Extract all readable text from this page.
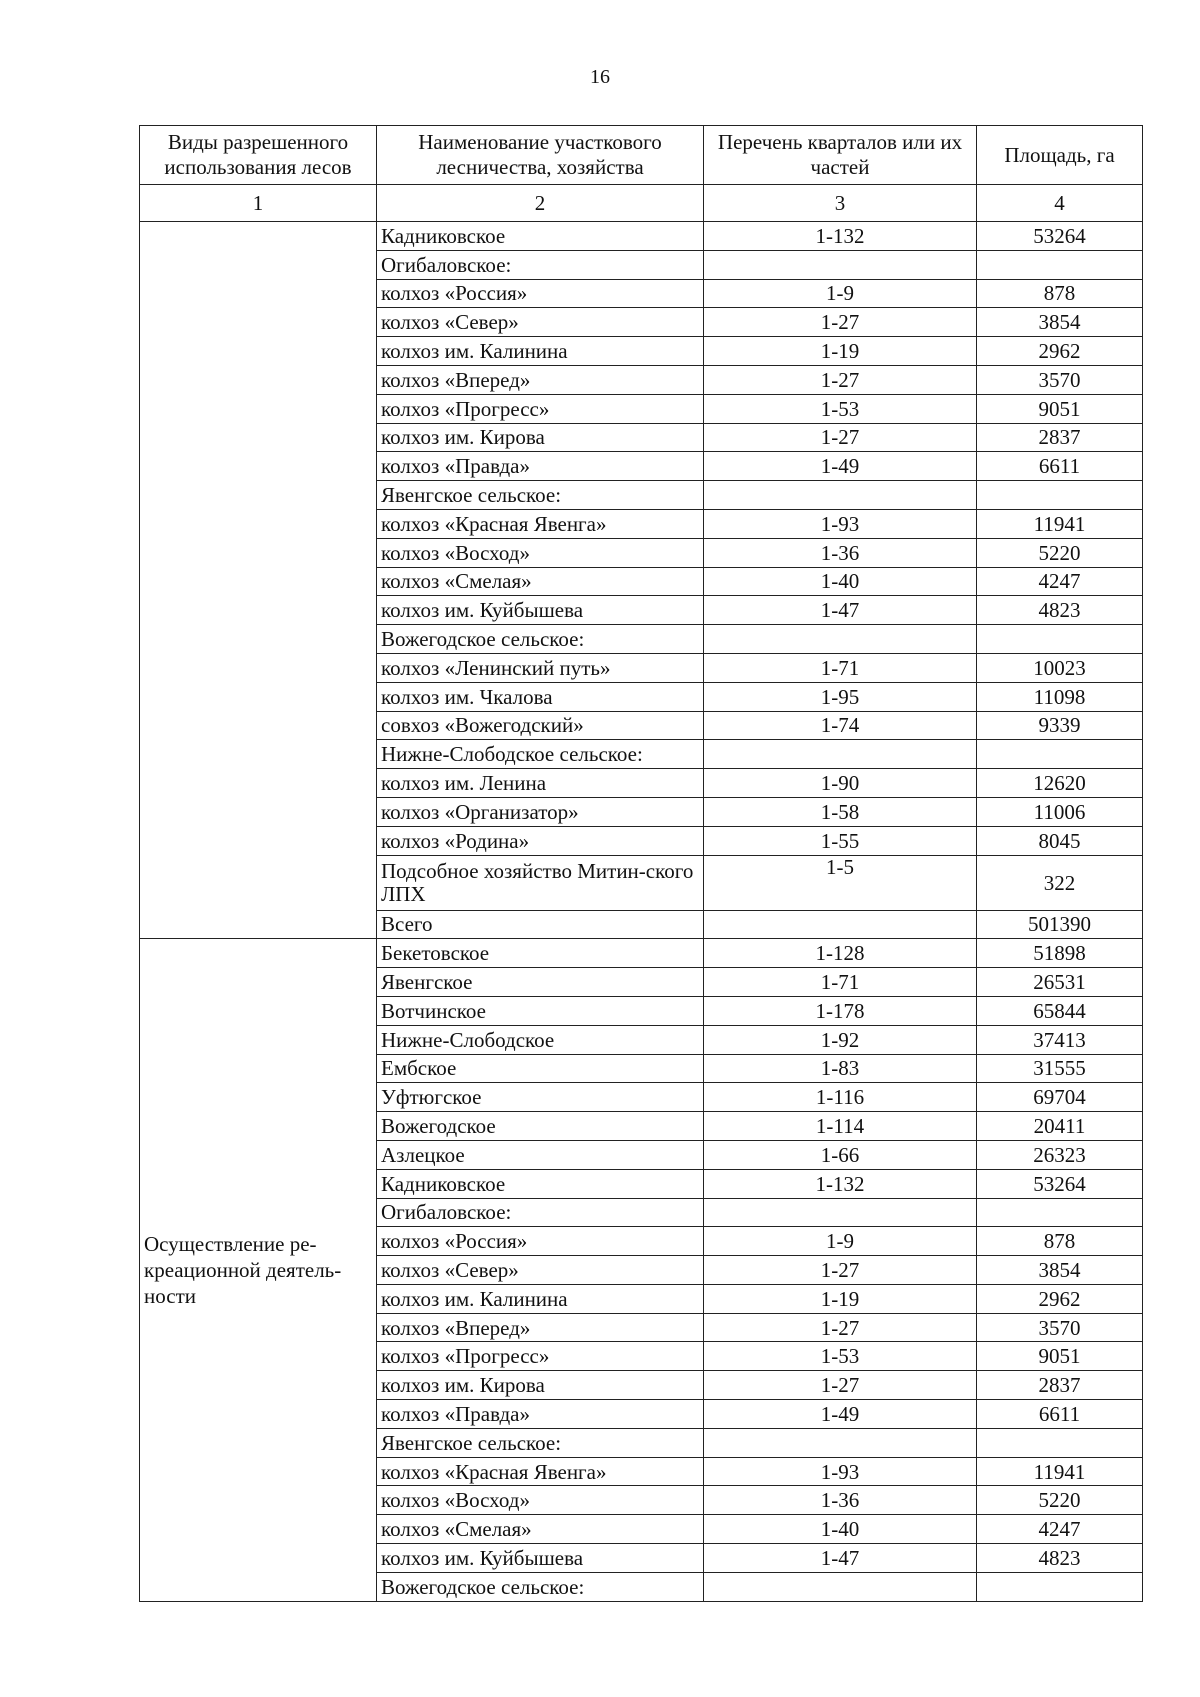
16
Виды разрешенного использования лесов	Наименование участкового лесничества, хозяйства	Перечень кварталов или их частей	Площадь, га
1	2	3	4
	Кадниковское	1-132	53264
	Огибаловское:		
	колхоз «Россия»	1-9	878
	колхоз «Север»	1-27	3854
	колхоз им. Калинина	1-19	2962
	колхоз «Вперед»	1-27	3570
	колхоз «Прогресс»	1-53	9051
	колхоз им. Кирова	1-27	2837
	колхоз «Правда»	1-49	6611
	Явенгское сельское:		
	колхоз «Красная Явенга»	1-93	11941
	колхоз «Восход»	1-36	5220
	колхоз «Смелая»	1-40	4247
	колхоз им. Куйбышева	1-47	4823
	Вожегодское сельское:		
	колхоз «Ленинский путь»	1-71	10023
	колхоз им. Чкалова	1-95	11098
	совхоз «Вожегодский»	1-74	9339
	Нижне-Слободское сельское:		
	колхоз им. Ленина	1-90	12620
	колхоз «Организатор»	1-58	11006
	колхоз «Родина»	1-55	8045
	Подсобное хозяйство Митин-ского ЛПХ	1-5	322
	Всего		501390
Осуществление ре-креационной деятель-ности	Бекетовское	1-128	51898
	Явенгское	1-71	26531
	Вотчинское	1-178	65844
	Нижне-Слободское	1-92	37413
	Ембское	1-83	31555
	Уфтюгское	1-116	69704
	Вожегодское	1-114	20411
	Азлецкое	1-66	26323
	Кадниковское	1-132	53264
	Огибаловское:		
	колхоз «Россия»	1-9	878
	колхоз «Север»	1-27	3854
	колхоз им. Калинина	1-19	2962
	колхоз «Вперед»	1-27	3570
	колхоз «Прогресс»	1-53	9051
	колхоз им. Кирова	1-27	2837
	колхоз «Правда»	1-49	6611
	Явенгское сельское:		
	колхоз «Красная Явенга»	1-93	11941
	колхоз «Восход»	1-36	5220
	колхоз «Смелая»	1-40	4247
	колхоз им. Куйбышева	1-47	4823
	Вожегодское сельское:		
